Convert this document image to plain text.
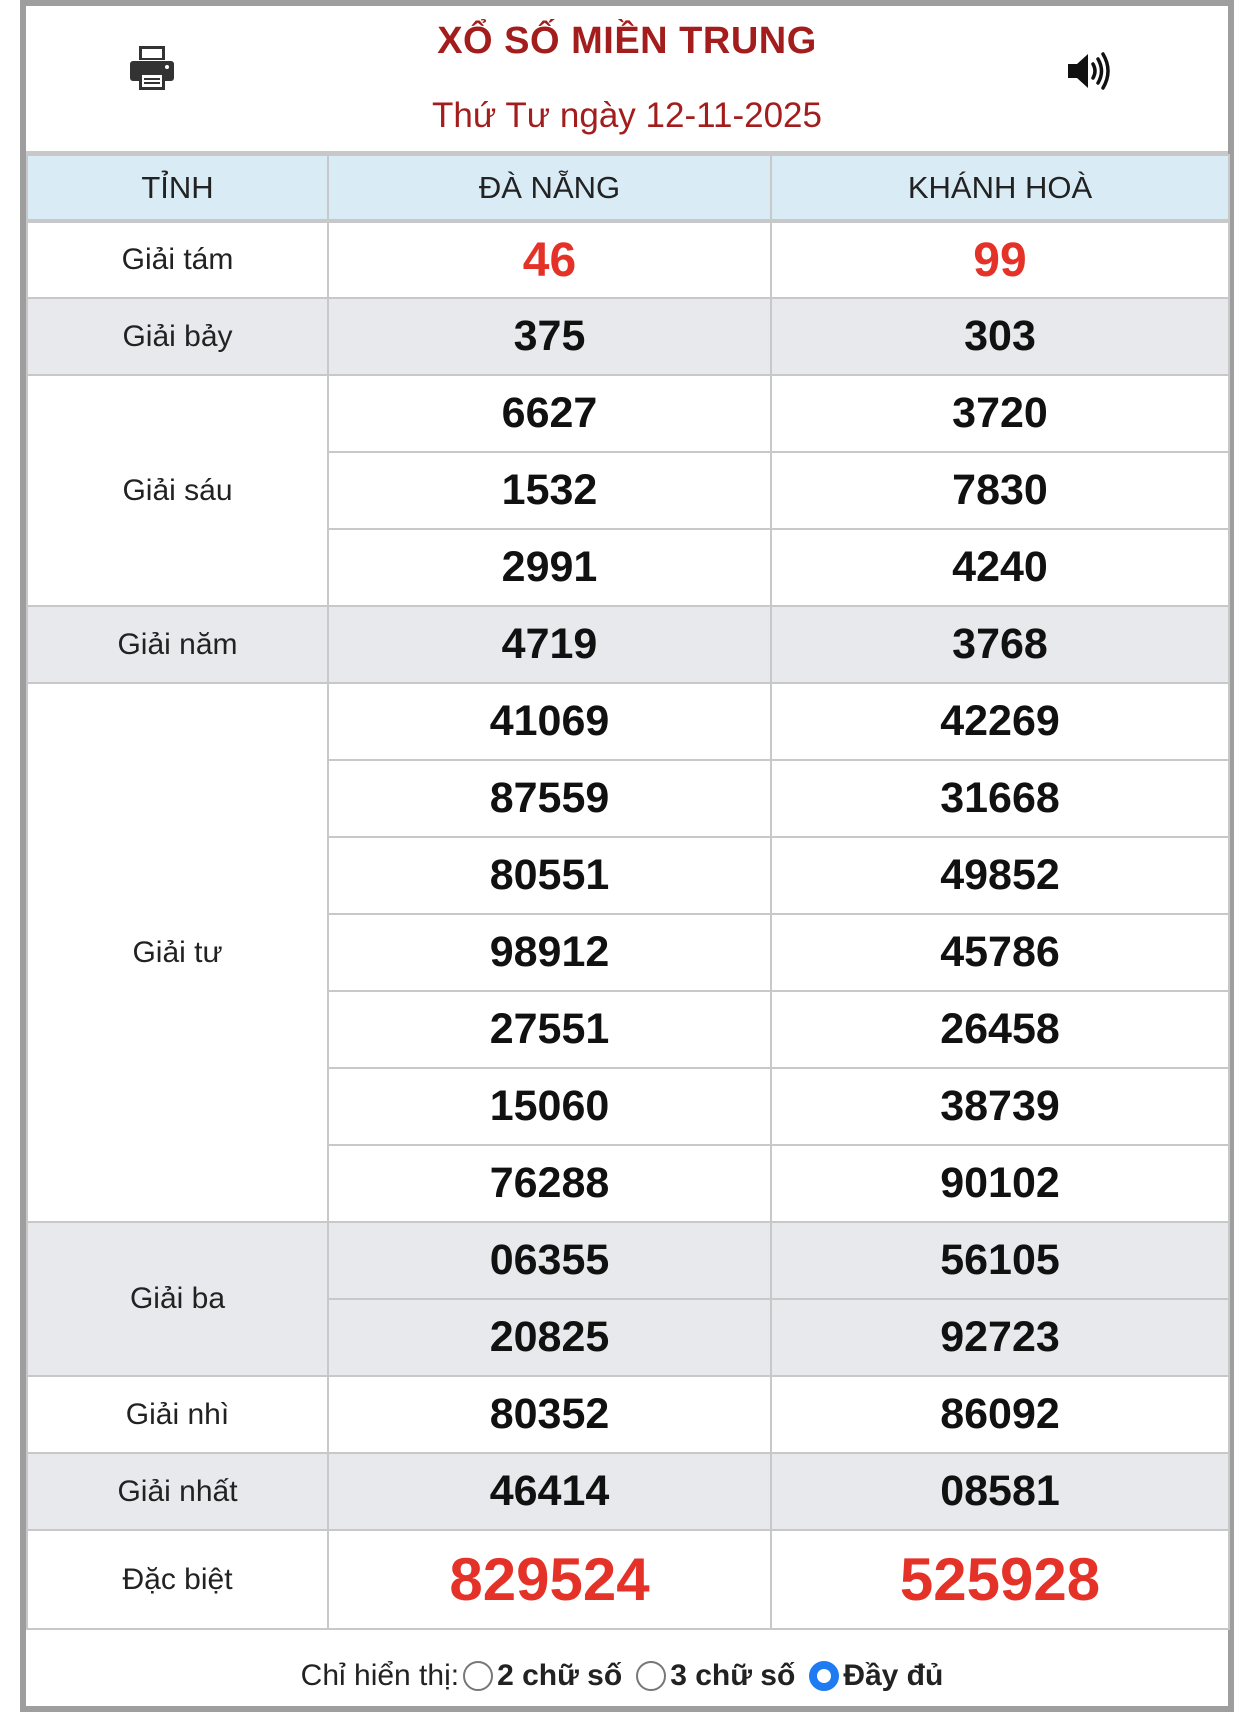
XỔ SỐ MIỀN TRUNG
Thứ Tư ngày 12-11-2025
TỈNH	ĐÀ NẴNG	KHÁNH HOÀ
Giải tám	46	99
Giải bảy	375	303
Giải sáu	6627	3720
	1532	7830
	2991	4240
Giải năm	4719	3768
Giải tư	41069	42269
	87559	31668
	80551	49852
	98912	45786
	27551	26458
	15060	38739
	76288	90102
Giải ba	06355	56105
	20825	92723
Giải nhì	80352	86092
Giải nhất	46414	08581
Đặc biệt	829524	525928
Chỉ hiển thị: 2 chữ số 3 chữ số Đầy đủ
